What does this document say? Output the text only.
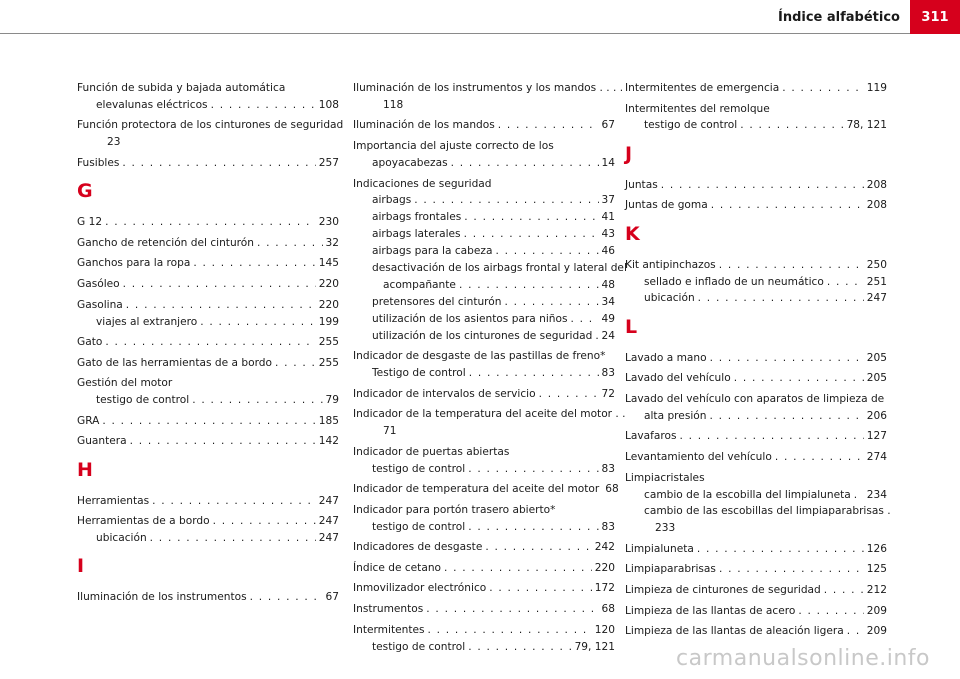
Índice alfabético	311
Función de subida y bajada automática
elevalunas eléctricos . . .	108
Función protectora de los cinturones de seguridad
23
Fusibles . . .	257
G
G 12 . . .	230
Gancho de retención del cinturón . . .	32
Ganchos para la ropa . . .	145
Gasóleo . . .	220
Gasolina . . .	220
viajes al extranjero . . .	199
Gato . . .	255
Gato de las herramientas de a bordo . . .	255
Gestión del motor
testigo de control . . .	79
GRA . . .	185
Guantera . . .	142
H
Herramientas . . .	247
Herramientas de a bordo . . .	247
ubicación . . .	247
I
Iluminación de los instrumentos . . .	67
Iluminación de los instrumentos y los mandos . . . .
118
Iluminación de los mandos . . .	67
Importancia del ajuste correcto de los
apoyacabezas . . .	14
Indicaciones de seguridad
airbags . . .	37
airbags frontales . . .	41
airbags laterales . . .	43
airbags para la cabeza . . .	46
desactivación de los airbags frontal y lateral del
acompañante . . .	48
pretensores del cinturón . . .	34
utilización de los asientos para niños . . .	49
utilización de los cinturones de seguridad . . . 24
Indicador de desgaste de las pastillas de freno*
Testigo de control . . .	83
Indicador de intervalos de servicio . . .	72
Indicador de la temperatura del aceite del motor . .
71
Indicador de puertas abiertas
testigo de control . . .	83
Indicador de temperatura del aceite del motor 68
Indicador para portón trasero abierto*
testigo de control . . .	83
Indicadores de desgaste . . .	242
Índice de cetano . . .	220
Inmovilizador electrónico . . .	172
Instrumentos . . .	68
Intermitentes . . .	120
testigo de control . . .	79, 121
Intermitentes de emergencia . . .	119
Intermitentes del remolque
testigo de control . . .	78, 121
J
Juntas . . .	208
Juntas de goma . . .	208
K
Kit antipinchazos . . .	250
sellado e inflado de un neumático . . .	251
ubicación . . .	247
L
Lavado a mano . . .	205
Lavado del vehículo . . .	205
Lavado del vehículo con aparatos de limpieza de
alta presión . . .	206
Lavafaros . . .	127
Levantamiento del vehículo . . .	274
Limpiacristales
cambio de la escobilla del limpialuneta . . . 234
cambio de las escobillas del limpiaparabrisas .
233
Limpialuneta . . .	126
Limpiaparabrisas . . .	125
Limpieza de cinturones de seguridad . . .	212
Limpieza de las llantas de acero . . .	209
Limpieza de las llantas de aleación ligera . . . 209
carmanualsonline.info
